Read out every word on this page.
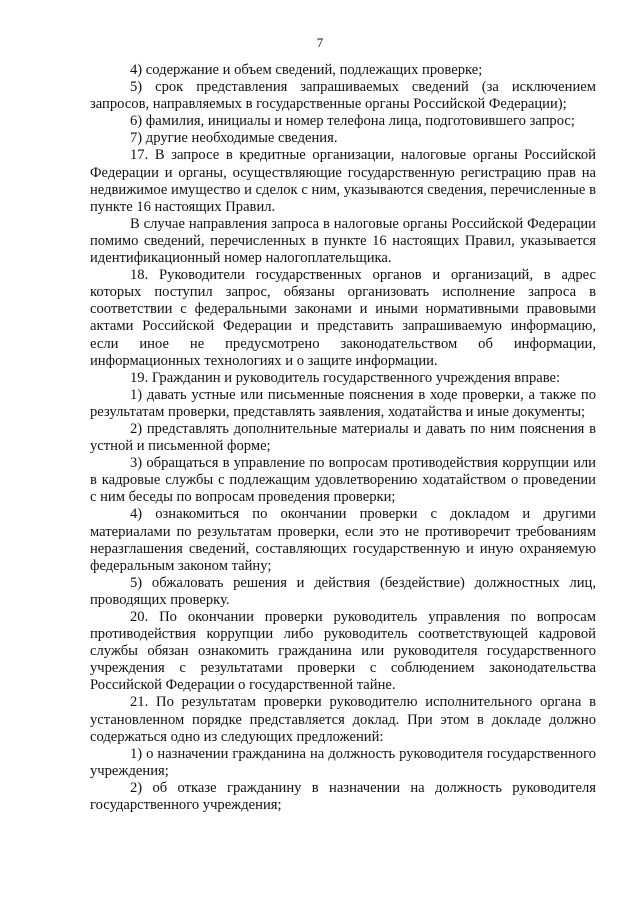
7

4) содержание и объем сведений, подлежащих проверке;

5) срок представления запрашиваемых сведений (за исключением запросов, направляемых в государственные органы Российской Федерации);

6) фамилия, инициалы и номер телефона лица, подготовившего запрос;

7) другие необходимые сведения.

17. В запросе в кредитные организации, налоговые органы Российской Федерации и органы, осуществляющие государственную регистрацию прав на недвижимое имущество и сделок с ним, указываются сведения, перечисленные в пункте 16 настоящих Правил.

В случае направления запроса в налоговые органы Российской Федерации помимо сведений, перечисленных в пункте 16 настоящих Правил, указывается идентификационный номер налогоплательщика.

18. Руководители государственных органов и организаций, в адрес которых поступил запрос, обязаны организовать исполнение запроса в соответствии с федеральными законами и иными нормативными правовыми актами Российской Федерации и представить запрашиваемую информацию, если иное не предусмотрено законодательством об информации, информационных технологиях и о защите информации.

19. Гражданин и руководитель государственного учреждения вправе:

1) давать устные или письменные пояснения в ходе проверки, а также по результатам проверки, представлять заявления, ходатайства и иные документы;

2) представлять дополнительные материалы и давать по ним пояснения в устной и письменной форме;

3) обращаться в управление по вопросам противодействия коррупции или в кадровые службы с подлежащим удовлетворению ходатайством о проведении с ним беседы по вопросам проведения проверки;

4) ознакомиться по окончании проверки с докладом и другими материалами по результатам проверки, если это не противоречит требованиям неразглашения сведений, составляющих государственную и иную охраняемую федеральным законом тайну;

5) обжаловать решения и действия (бездействие) должностных лиц, проводящих проверку.

20. По окончании проверки руководитель управления по вопросам противодействия коррупции либо руководитель соответствующей кадровой службы обязан ознакомить гражданина или руководителя государственного учреждения с результатами проверки с соблюдением законодательства Российской Федерации о государственной тайне.

21. По результатам проверки руководителю исполнительного органа в установленном порядке представляется доклад. При этом в докладе должно содержаться одно из следующих предложений:

1) о назначении гражданина на должность руководителя государственного учреждения;

2) об отказе гражданину в назначении на должность руководителя государственного учреждения;
